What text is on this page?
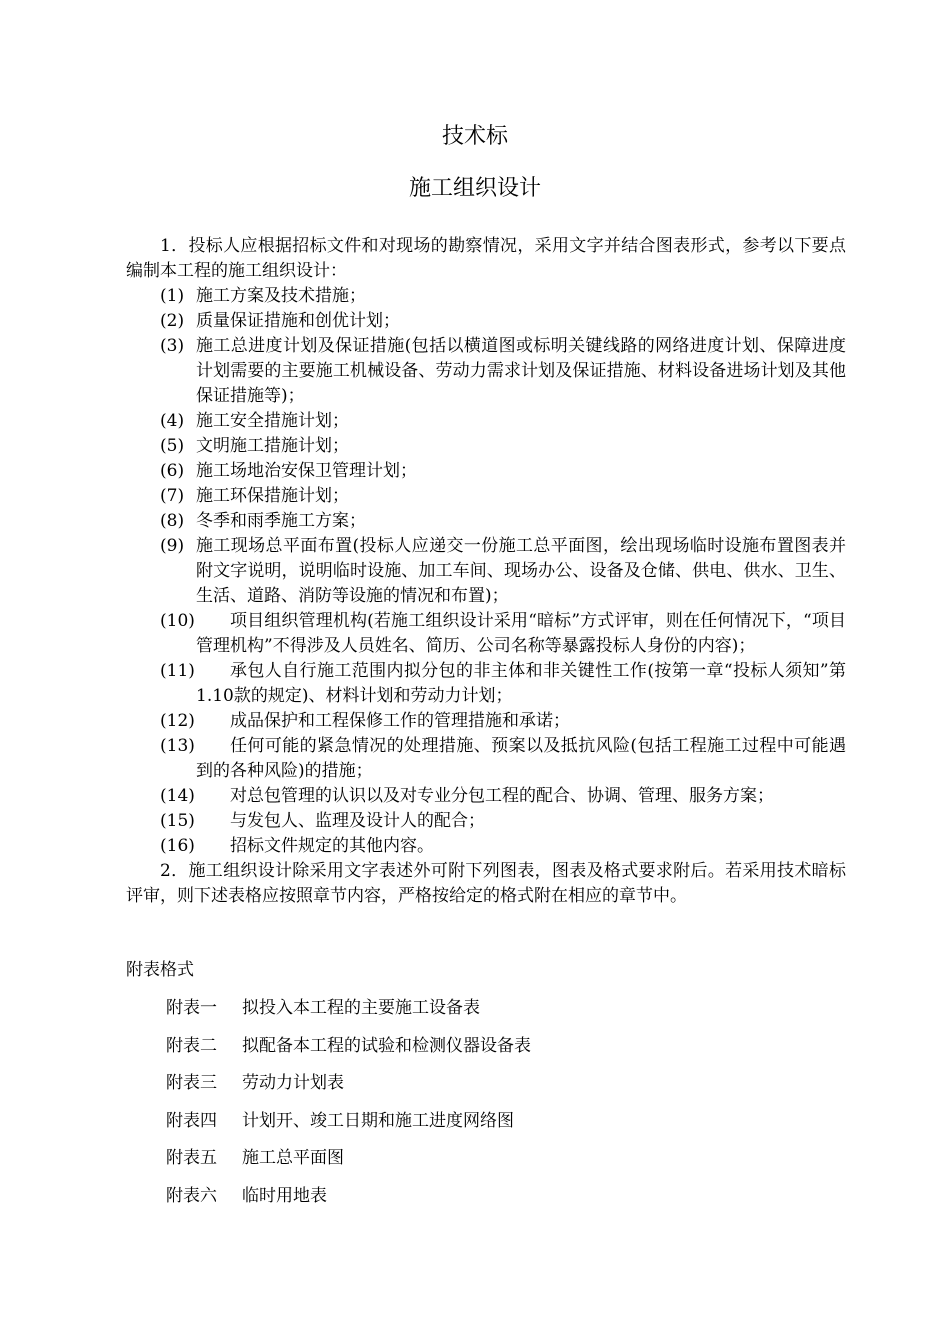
技术标
施工组织设计

1．投标人应根据招标文件和对现场的勘察情况，采用文字并结合图表形式，参考以下要点编制本工程的施工组织设计：

(1) 施工方案及技术措施；
(2) 质量保证措施和创优计划；
(3) 施工总进度计划及保证措施(包括以横道图或标明关键线路的网络进度计划、保障进度计划需要的主要施工机械设备、劳动力需求计划及保证措施、材料设备进场计划及其他保证措施等)；
(4) 施工安全措施计划；
(5) 文明施工措施计划；
(6) 施工场地治安保卫管理计划；
(7) 施工环保措施计划；
(8) 冬季和雨季施工方案；
(9) 施工现场总平面布置(投标人应递交一份施工总平面图，绘出现场临时设施布置图表并附文字说明，说明临时设施、加工车间、现场办公、设备及仓储、供电、供水、卫生、生活、道路、消防等设施的情况和布置)；
(10)	项目组织管理机构(若施工组织设计采用“暗标”方式评审，则在任何情况下，“项目管理机构”不得涉及人员姓名、简历、公司名称等暴露投标人身份的内容)；
(11)	承包人自行施工范围内拟分包的非主体和非关键性工作(按第一章“投标人须知”第1.10款的规定)、材料计划和劳动力计划；
(12)	成品保护和工程保修工作的管理措施和承诺；
(13)	任何可能的紧急情况的处理措施、预案以及抵抗风险(包括工程施工过程中可能遇到的各种风险)的措施；
(14)	对总包管理的认识以及对专业分包工程的配合、协调、管理、服务方案；
(15)	与发包人、监理及设计人的配合；
(16)	招标文件规定的其他内容。

2．施工组织设计除采用文字表述外可附下列图表，图表及格式要求附后。若采用技术暗标评审，则下述表格应按照章节内容，严格按给定的格式附在相应的章节中。

附表格式
附表一	拟投入本工程的主要施工设备表
附表二	拟配备本工程的试验和检测仪器设备表
附表三	劳动力计划表
附表四	计划开、竣工日期和施工进度网络图
附表五	施工总平面图
附表六	临时用地表
